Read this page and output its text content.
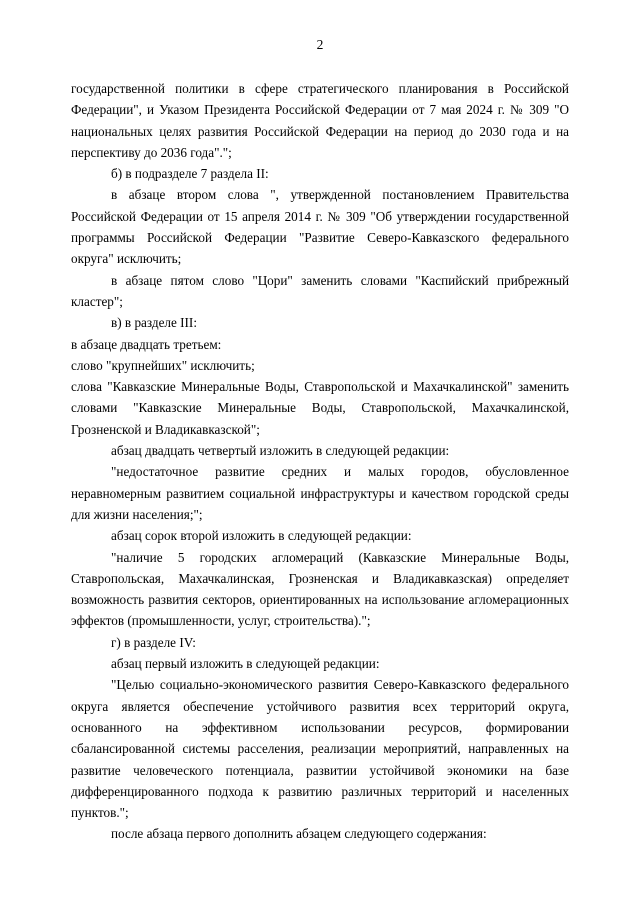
2

государственной политики в сфере стратегического планирования в Российской Федерации", и Указом Президента Российской Федерации от 7 мая 2024 г. № 309 "О национальных целях развития Российской Федерации на период до 2030 года и на перспективу до 2036 года".";

б) в подразделе 7 раздела II:

в абзаце втором слова ", утвержденной постановлением Правительства Российской Федерации от 15 апреля 2014 г. № 309 "Об утверждении государственной программы Российской Федерации "Развитие Северо-Кавказского федерального округа" исключить;

в абзаце пятом слово "Цори" заменить словами "Каспийский прибрежный кластер";

в) в разделе III:

в абзаце двадцать третьем:

слово "крупнейших" исключить;

слова "Кавказские Минеральные Воды, Ставропольской и Махачкалинской" заменить словами "Кавказские Минеральные Воды, Ставропольской, Махачкалинской, Грозненской и Владикавказской";

абзац двадцать четвертый изложить в следующей редакции:

"недостаточное развитие средних и малых городов, обусловленное неравномерным развитием социальной инфраструктуры и качеством городской среды для жизни населения;";

абзац сорок второй изложить в следующей редакции:

"наличие 5 городских агломераций (Кавказские Минеральные Воды, Ставропольская, Махачкалинская, Грозненская и Владикавказская) определяет возможность развития секторов, ориентированных на использование агломерационных эффектов (промышленности, услуг, строительства).";

г) в разделе IV:

абзац первый изложить в следующей редакции:

"Целью социально-экономического развития Северо-Кавказского федерального округа является обеспечение устойчивого развития всех территорий округа, основанного на эффективном использовании ресурсов, формировании сбалансированной системы расселения, реализации мероприятий, направленных на развитие человеческого потенциала, развитии устойчивой экономики на базе дифференцированного подхода к развитию различных территорий и населенных пунктов.";

после абзаца первого дополнить абзацем следующего содержания:
